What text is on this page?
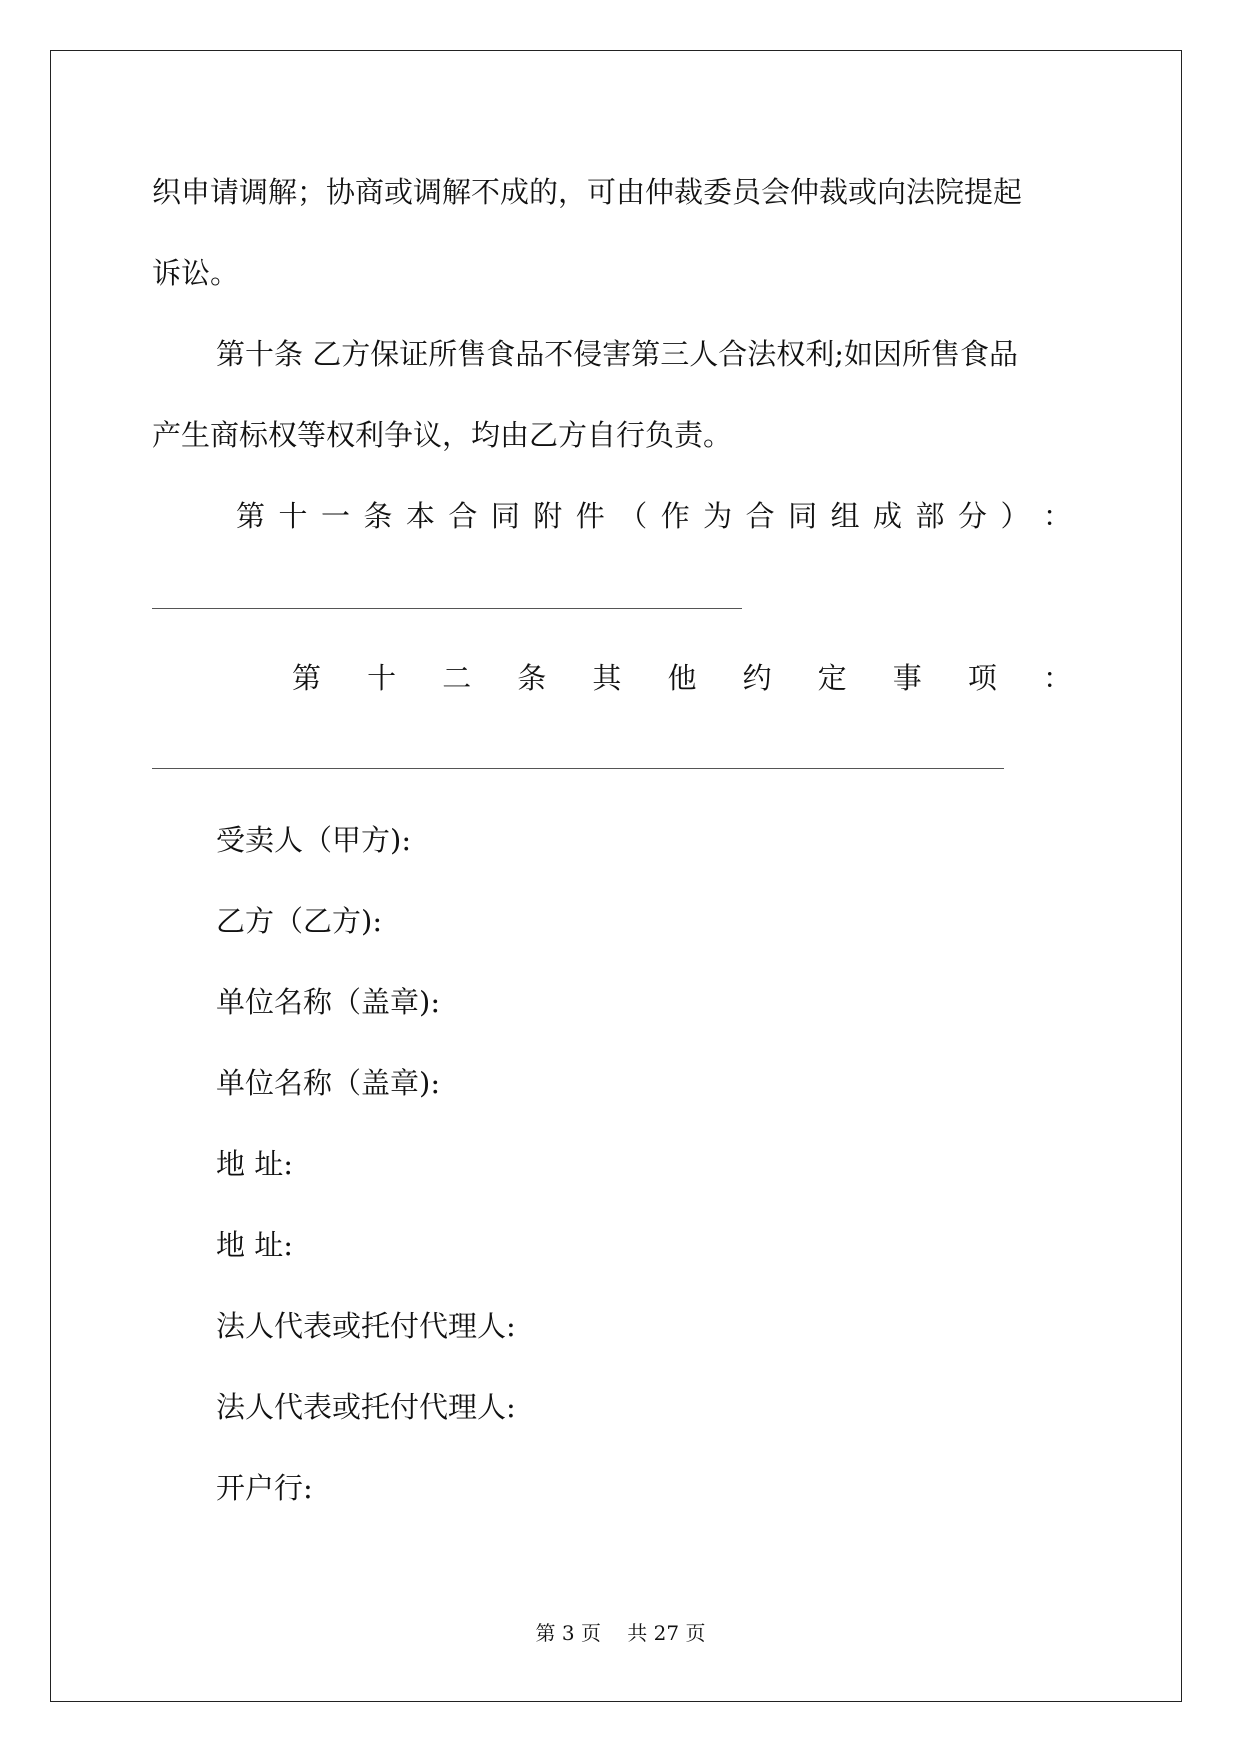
织申请调解；协商或调解不成的，可由仲裁委员会仲裁或向法院提起
诉讼。
第十条 乙方保证所售食品不侵害第三人合法权利;如因所售食品
产生商标权等权利争议，均由乙方自行负责。
第 十 一 条 本 合 同 附 件 （ 作 为 合 同 组 成 部 分 ） ：
第 十 二 条 其 他 约 定 事 项 ：
受卖人（甲方):
乙方（乙方):
单位名称（盖章):
单位名称（盖章):
地 址:
地 址:
法人代表或托付代理人:
法人代表或托付代理人:
开户行:
第 3 页　 共 27 页
